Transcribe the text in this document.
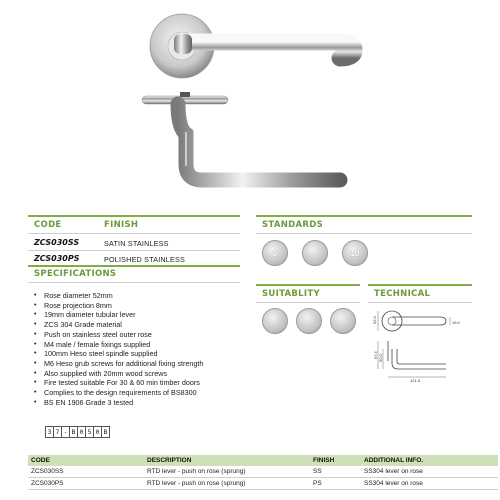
CODE	FINISH
ZCS030SS	SATIN STAINLESS
ZCS030PS	POLISHED STAINLESS
SPECIFICATIONS
• Rose diameter 52mm
• Rose projection 8mm
• 19mm diameter tubular lever
• ZCS 304 Grade material
• Push on stainless steel outer rose
• M4 male / female fixings supplied
• 100mm Heso steel spindle supplied
• M6 Heso grub screws for additional fixing strength
• Also supplied with 20mm wood screws
• Fire tested suitable For 30 & 60 min timber doors
• Complies to the design requirements of BS8300
• BS EN 1906 Grade 3 tested
3 7 - B 0 5 0 B
STANDARDS
3	10
SUITABLITY	TECHNICAL
52.0	19.0
67.5 50.0
121.5
CODE	DESCRIPTION	FINISH	ADDITIONAL INFO.
ZCS030SS	RTD lever - push on rose (sprung)	SS	SS304 lever on rose
ZCS030PS	RTD lever - push on rose (sprung)	PS	SS304 lever on rose
